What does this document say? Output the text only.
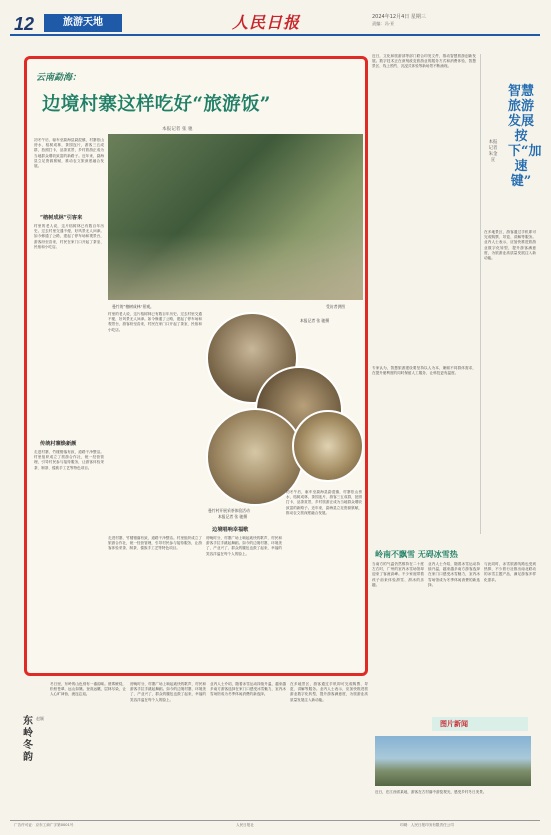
12	旅游天地	人民日报	2024年12月4日 星期三
责编：冯·亚
云南勐海：
边境村寨这样吃好“旅游饭”
本报记者 张 驰
曼竹的“榕树成林”景观。	受访者供图
初冬午后，驱车至勐海县勐混镇，村寨依山傍水，榕树成林，茶园连片，游客三五成群，拍照打卡，品茶赏景，乡村旅游正成为当地群众增收致富的新路子。近年来，勐海县立足资源禀赋，推动农文旅深度融合发展。
“榕树成林”引客来
村里的老人说，这片榕树林已有数百年历史。过去村里交通不便，好风景无人问津。如今修通了公路，建起了停车场和观景台，游客纷至沓来，村民在家门口开起了茶室、民宿和小吃店。
传统村寨焕新颜
走进村寨，竹楼错落有致，道路干净整洁。村里组织成立了旅游合作社，统一经营管理，引导村民参与接待服务，让游客体验采茶、制茶、傣族手工艺等特色项目。
村里的老人说，这片榕树林已有数百年历史。过去村里交通不便，好风景无人问津。如今修通了公路，建起了停车场和观景台，游客纷至沓来，村民在家门口开起了茶室、民宿和小吃店。
走进村寨，竹楼错落有致，道路干净整洁。村里组织成立了旅游合作社，统一经营管理，引导村民参与接待服务，让游客体验采茶、制茶、傣族手工艺等特色项目。
本报记者 张 驰摄
曼竹村开展采茶体验活动
本报记者 张 驰摄
边境唱响幸福歌
傍晚时分，村寨广场上响起欢快的歌声，村民和游客手拉手跳起舞蹈。如今的边境村寨，环境美了，产业兴了，群众的腰包也鼓了起来，幸福的笑容洋溢在每个人的脸上。
初冬午后，驱车至勐海县勐混镇，村寨依山傍水，榕树成林，茶园连片，游客三五成群，拍照打卡，品茶赏景，乡村旅游正成为当地群众增收致富的新路子。近年来，勐海县立足资源禀赋，推动农文旅深度融合发展。
近日，文化和旅游部等部门联合印发文件，推动智慧旅游创新发展。数字技术正在深刻改变旅游业的服务方式和消费体验，智慧景区、线上预约、沉浸式体验等新场景不断涌现。
智慧旅游发展按下“加速键”
本报记者 朱金宣
在多地景区，游客通过手机即可完成购票、导览、讲解等服务。业内人士表示，应加快推进旅游业数字化转型，提升游客满意度，为旅游业高质量发展注入新动能。
专家认为，智慧旅游建设要坚持以人为本，兼顾不同群体需求，在提升便利度的同时保留人工服务，让科技更有温度。
岭南不飘雪 无碍冰雪热
当南方的气温仍然维持在二十度左右时，广州的室内冰雪场馆却迎来了客流高峰。不少家庭带着孩子前来体验滑雪、滑冰的乐趣。
业内人士介绍，随着冰雪运动持续升温，越来越多南方游客选择在家门口感受冰雪魅力，室内冰雪场馆成为冬季休闲消费的新选择。
与此同时，冰雪旅游线路也受到热捧，不少旅行社推出南北联动的冰雪主题产品，满足游客多样化需求。
东岭冬韵
赵颖
冬日里，东岭的山色别有一番韵味。晨雾缭绕，松柏苍翠，远山如黛。登高远眺，层林尽染，让人心旷神怡，流连忘返。
傍晚时分，村寨广场上响起欢快的歌声，村民和游客手拉手跳起舞蹈。如今的边境村寨，环境美了，产业兴了，群众的腰包也鼓了起来，幸福的笑容洋溢在每个人的脸上。
业内人士介绍，随着冰雪运动持续升温，越来越多南方游客选择在家门口感受冰雪魅力，室内冰雪场馆成为冬季休闲消费的新选择。
在多地景区，游客通过手机即可完成购票、导览、讲解等服务。业内人士表示，应加快推进旅游业数字化转型，提升游客满意度，为旅游业高质量发展注入新动能。
图片新闻
近日，在江西省某地，游客在古村落中游览观光，感受乡村冬日美景。
广告许可证：京东工商广字第0001号	人民日报社	印刷：人民日报印务有限责任公司
